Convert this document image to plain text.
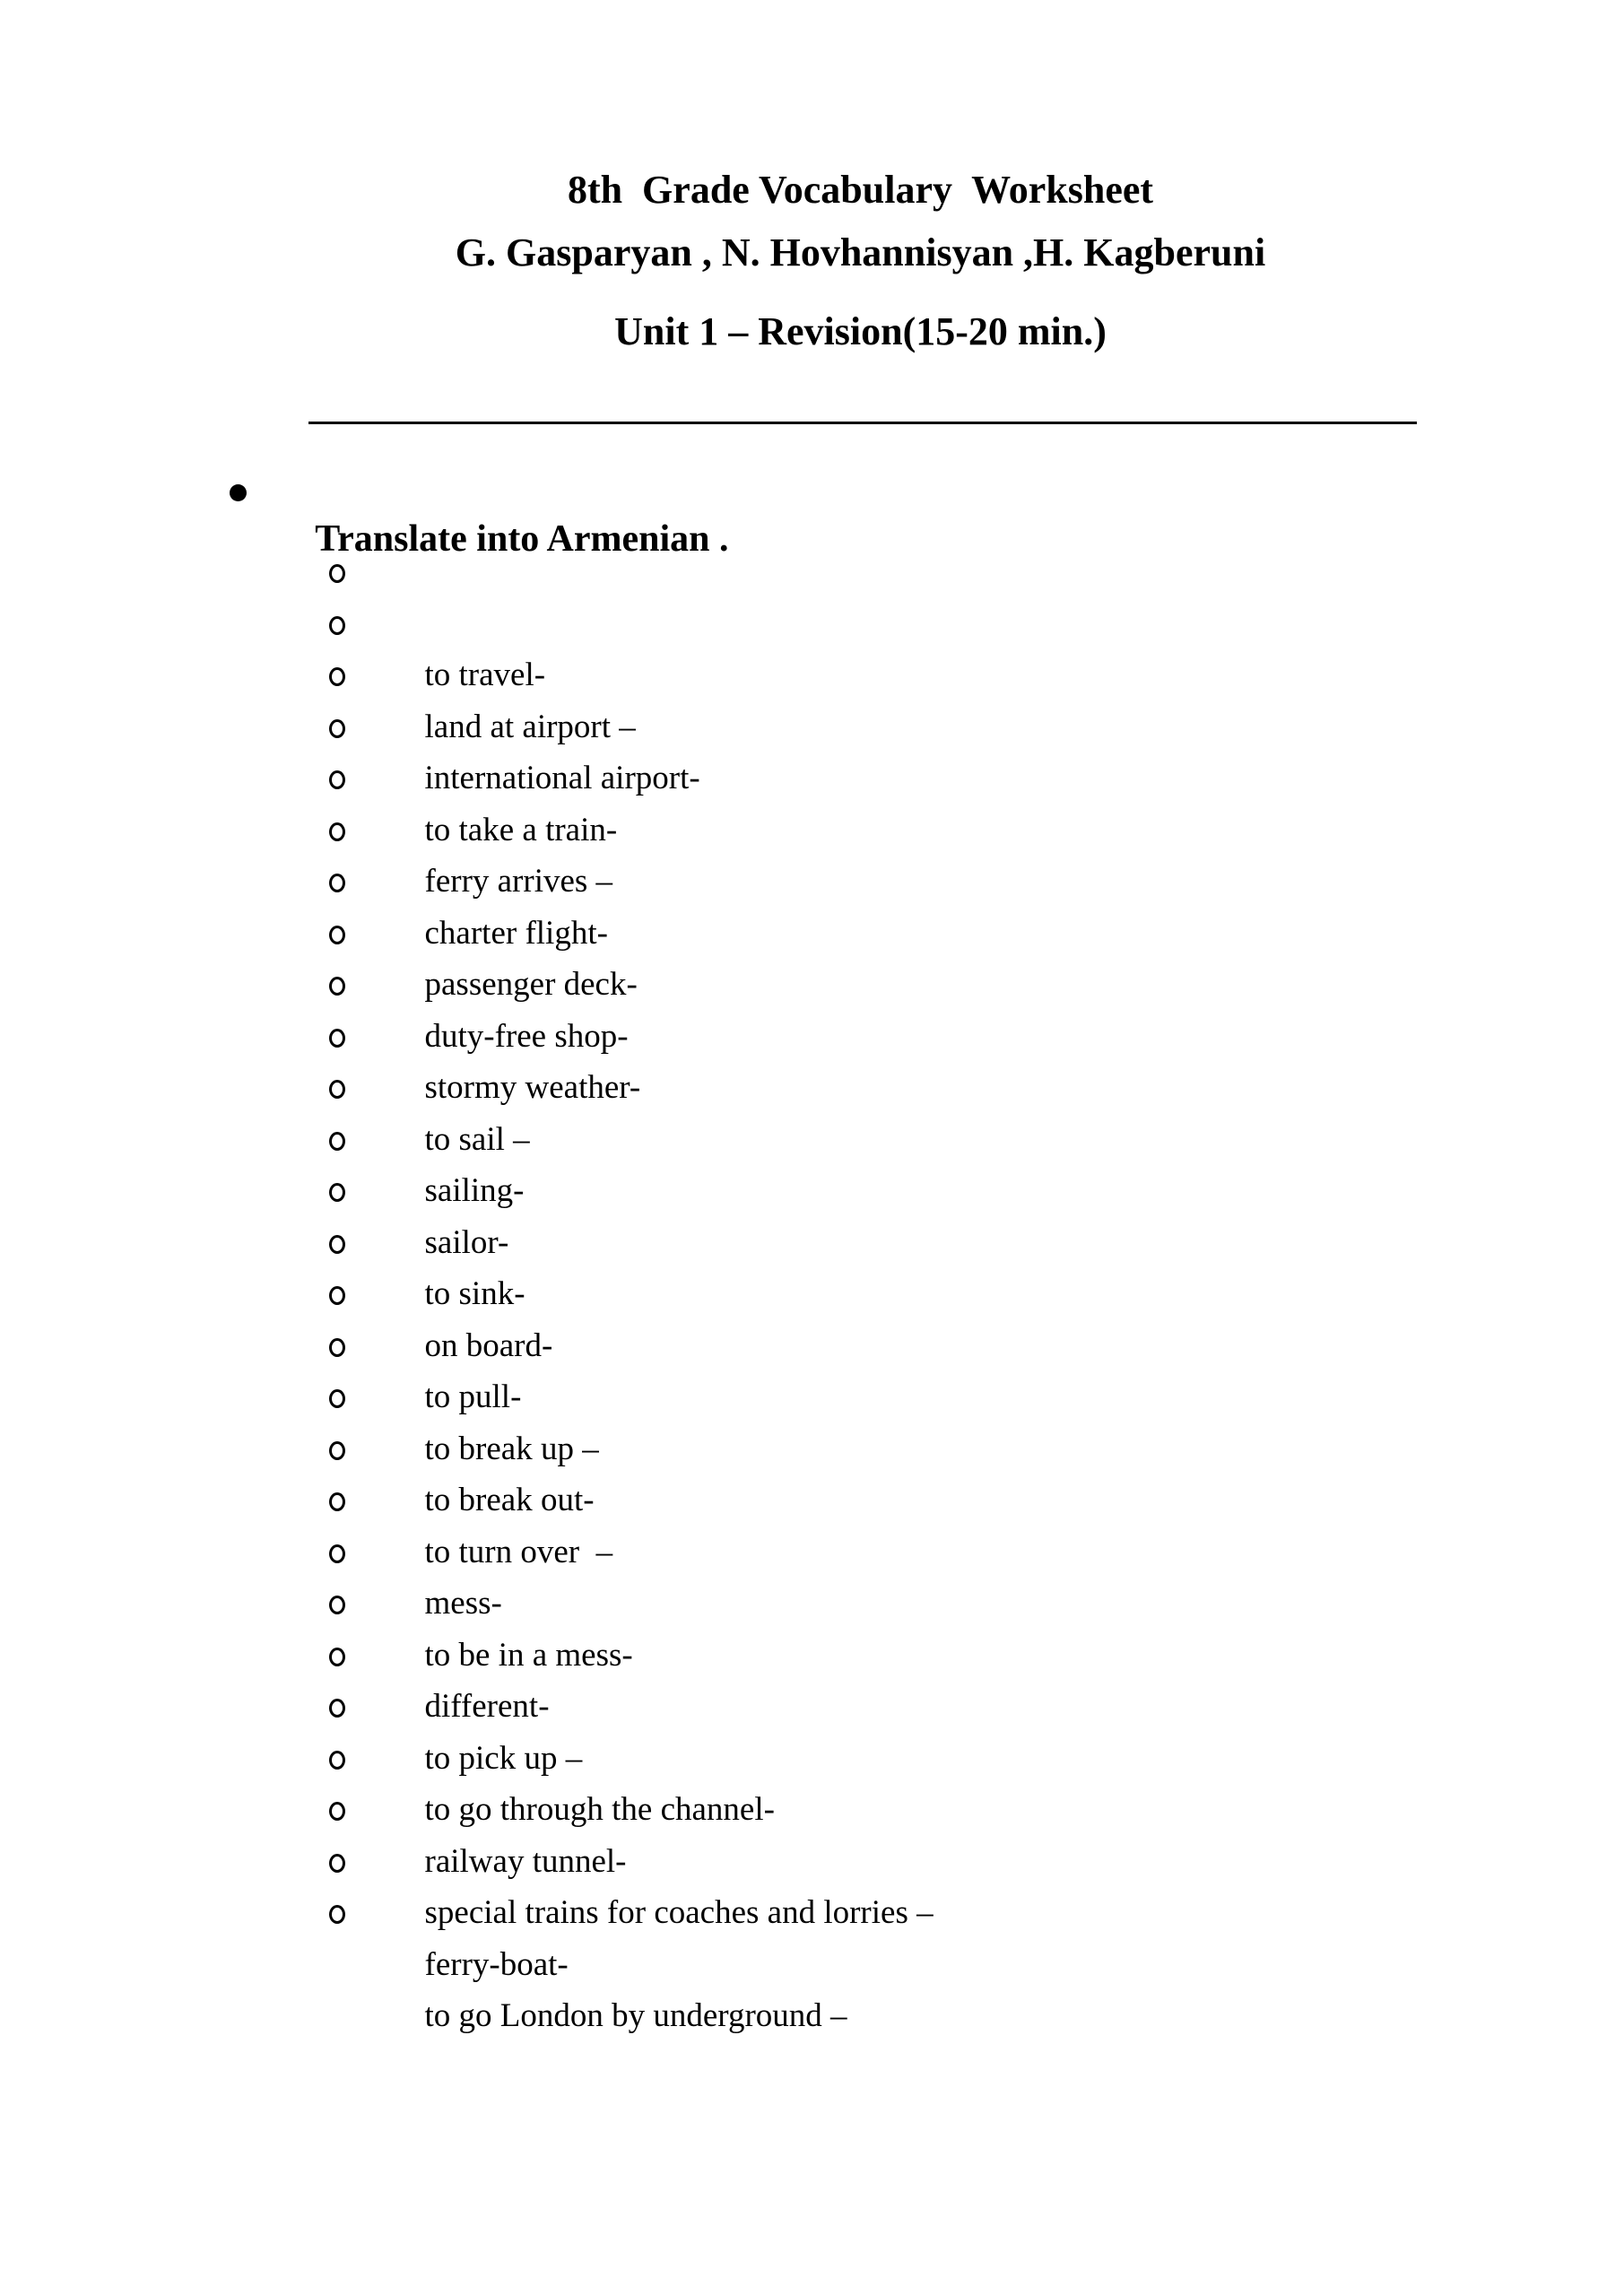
8th  Grade Vocabulary  Worksheet
G. Gasparyan , N. Hovhannisyan ,H. Kagberuni
Unit 1 – Revision(15-20 min.)

Translate into Armenian .

to travel-

land at airport –

international airport-

to take a train-

ferry arrives –

charter flight-

passenger deck-

duty-free shop-

stormy weather-

to sail –

sailing-

sailor-

to sink-

on board-

to pull-

to break up –

to break out-

to turn over  –

mess-

to be in a mess-

different-

to pick up –

to go through the channel-

railway tunnel-

special trains for coaches and lorries –

ferry-boat-

to go London by underground –
